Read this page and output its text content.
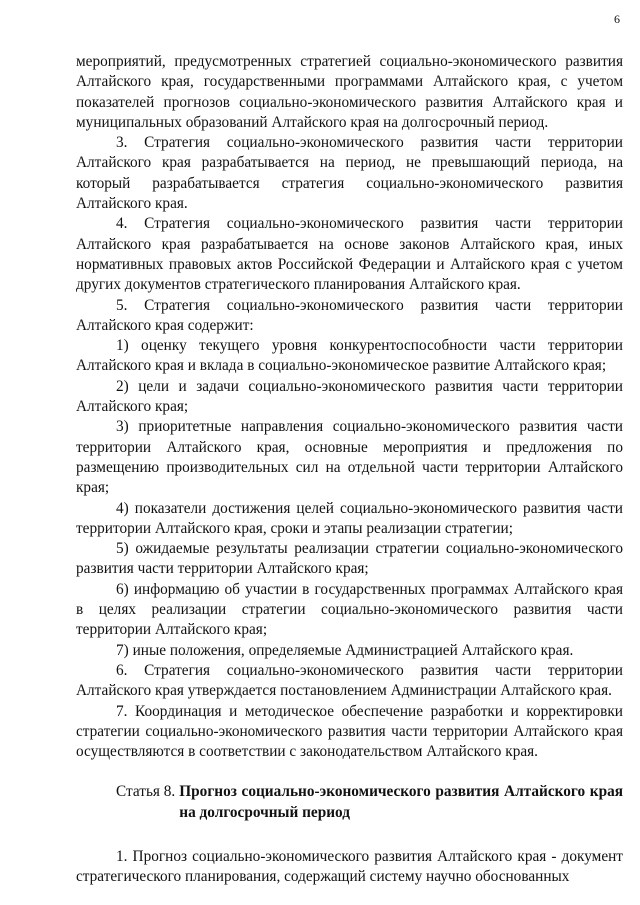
6

мероприятий, предусмотренных стратегией социально-экономического развития Алтайского края, государственными программами Алтайского края, с учетом показателей прогнозов социально-экономического развития Алтайского края и муниципальных образований Алтайского края на долгосрочный период.

3. Стратегия социально-экономического развития части территории Алтайского края разрабатывается на период, не превышающий периода, на который разрабатывается стратегия социально-экономического развития Алтайского края.

4. Стратегия социально-экономического развития части территории Алтайского края разрабатывается на основе законов Алтайского края, иных нормативных правовых актов Российской Федерации и Алтайского края с учетом других документов стратегического планирования Алтайского края.

5. Стратегия социально-экономического развития части территории Алтайского края содержит:

1) оценку текущего уровня конкурентоспособности части территории Алтайского края и вклада в социально-экономическое развитие Алтайского края;

2) цели и задачи социально-экономического развития части территории Алтайского края;

3) приоритетные направления социально-экономического развития части территории Алтайского края, основные мероприятия и предложения по размещению производительных сил на отдельной части территории Алтайского края;

4) показатели достижения целей социально-экономического развития части территории Алтайского края, сроки и этапы реализации стратегии;

5) ожидаемые результаты реализации стратегии социально-экономического развития части территории Алтайского края;

6) информацию об участии в государственных программах Алтайского края в целях реализации стратегии социально-экономического развития части территории Алтайского края;

7) иные положения, определяемые Администрацией Алтайского края.

6. Стратегия социально-экономического развития части территории Алтайского края утверждается постановлением Администрации Алтайского края.

7. Координация и методическое обеспечение разработки и корректировки стратегии социально-экономического развития части территории Алтайского края осуществляются в соответствии с законодательством Алтайского края.

Статья 8. Прогноз социально-экономического развития Алтайского края на долгосрочный период

1. Прогноз социально-экономического развития Алтайского края - документ стратегического планирования, содержащий систему научно обоснованных
